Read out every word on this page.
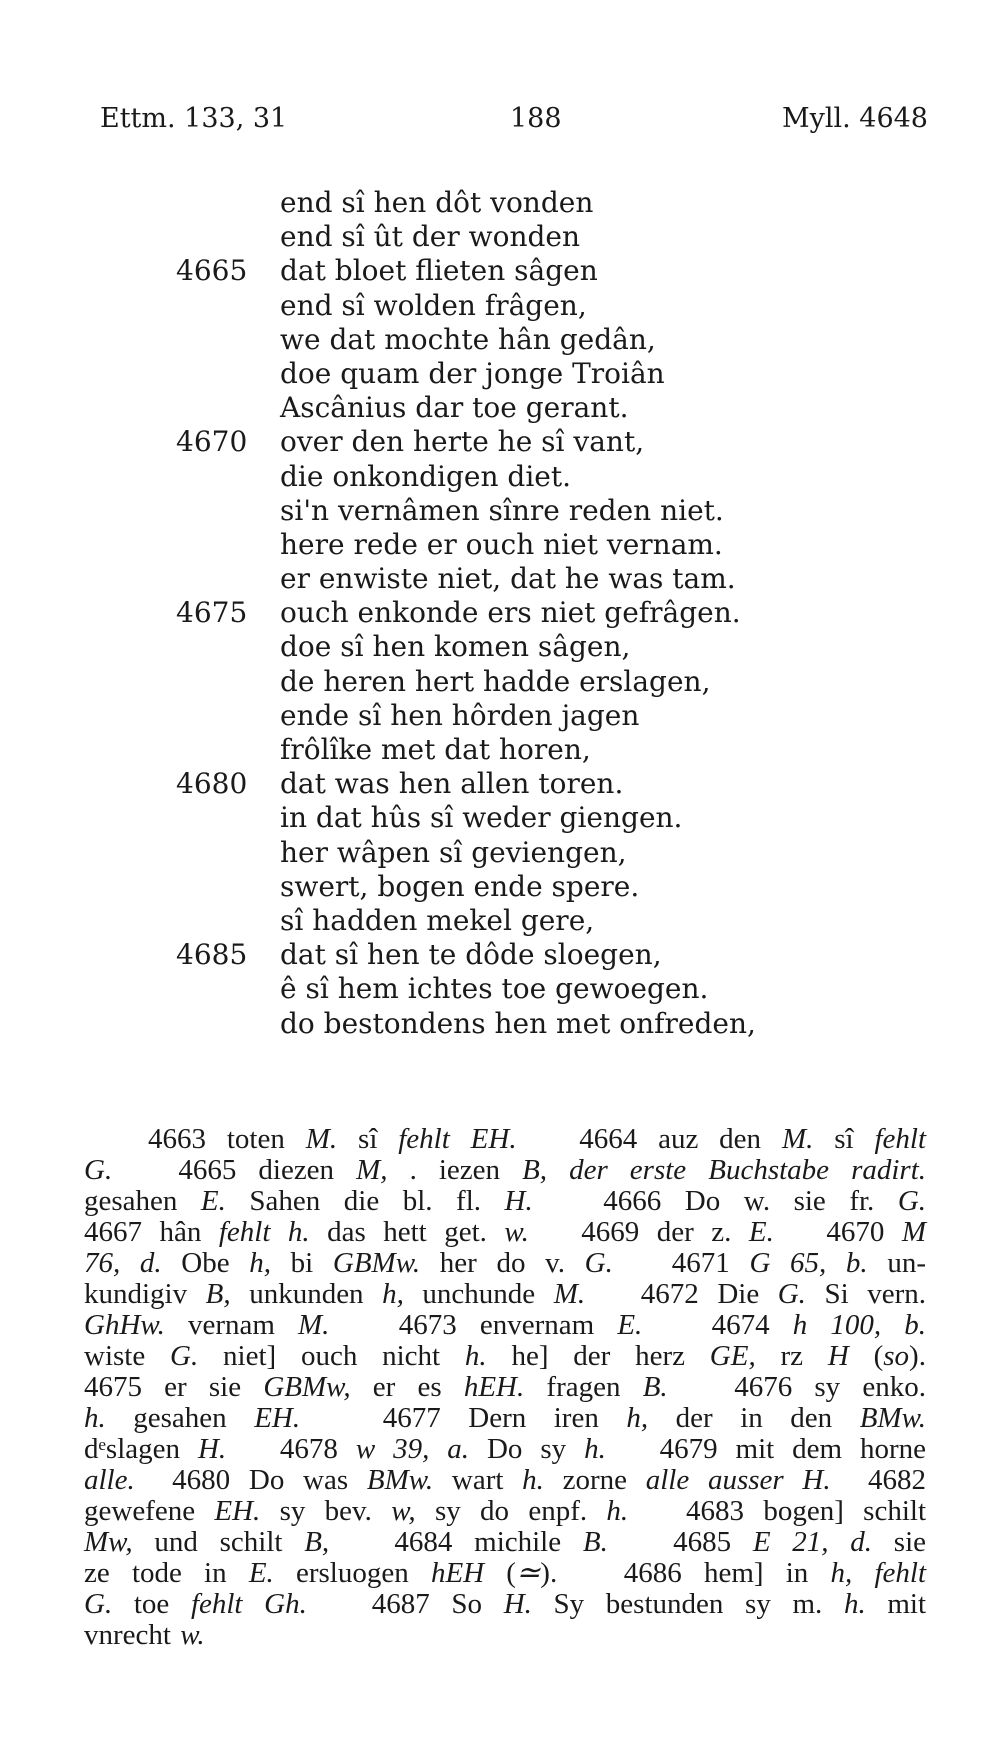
Ettm. 133, 31	188	Myll. 4648
end sî hen dôt vonden
end sî ût der wonden
4665 dat bloet flieten sâgen
end sî wolden frâgen,
we dat mochte hân gedân,
doe quam der jonge Troiân
Ascânius dar toe gerant.
4670 over den herte he sî vant,
die onkondigen diet.
si'n vernâmen sînre reden niet.
here rede er ouch niet vernam.
er enwiste niet, dat he was tam.
4675 ouch enkonde ers niet gefrâgen.
doe sî hen komen sâgen,
de heren hert hadde erslagen,
ende sî hen hôrden jagen
frôlîke met dat horen,
4680 dat was hen allen toren.
in dat hûs sî weder giengen.
her wâpen sî geviengen,
swert, bogen ende spere.
sî hadden mekel gere,
4685 dat sî hen te dôde sloegen,
ê sî hem ichtes toe gewoegen.
do bestondens hen met onfreden,
4663 toten M. sî fehlt EH.   4664 auz den M. sî fehlt
G.   4665 diezen M, . iezen B, der erste Buchstabe radirt.
gesahen E. Sahen die bl. fl. H.   4666 Do w. sie fr. G.
4667 hân fehlt h. das hett get. w.   4669 der z. E.   4670 M
76, d. Obe h, bi GBMw. her do v. G.   4671 G 65, b. un-
kundigiv B, unkunden h, unchunde M.   4672 Die G. Si vern.
GhHw. vernam M.   4673 envernam E.   4674 h 100, b.
wiste G. niet] ouch nicht h. he] der herz GE, rz H (so).
4675 er sie GBMw, er es hEH. fragen B.   4676 sy enko.
h. gesahen EH.   4677 Dern iren h, der in den BMw.
dᵉslagen H.   4678 w 39, a. Do sy h.   4679 mit dem horne
alle.  4680 Do was BMw. wart h. zorne alle ausser H.  4682
gewefene EH. sy bev. w, sy do enpf. h.   4683 bogen] schilt
Mw, und schilt B,   4684 michile B.   4685 E 21, d. sie
ze tode in E. ersluogen hEH (≃).   4686 hem] in h, fehlt
G. toe fehlt Gh.   4687 So H. Sy bestunden sy m. h. mit
vnrecht w.
